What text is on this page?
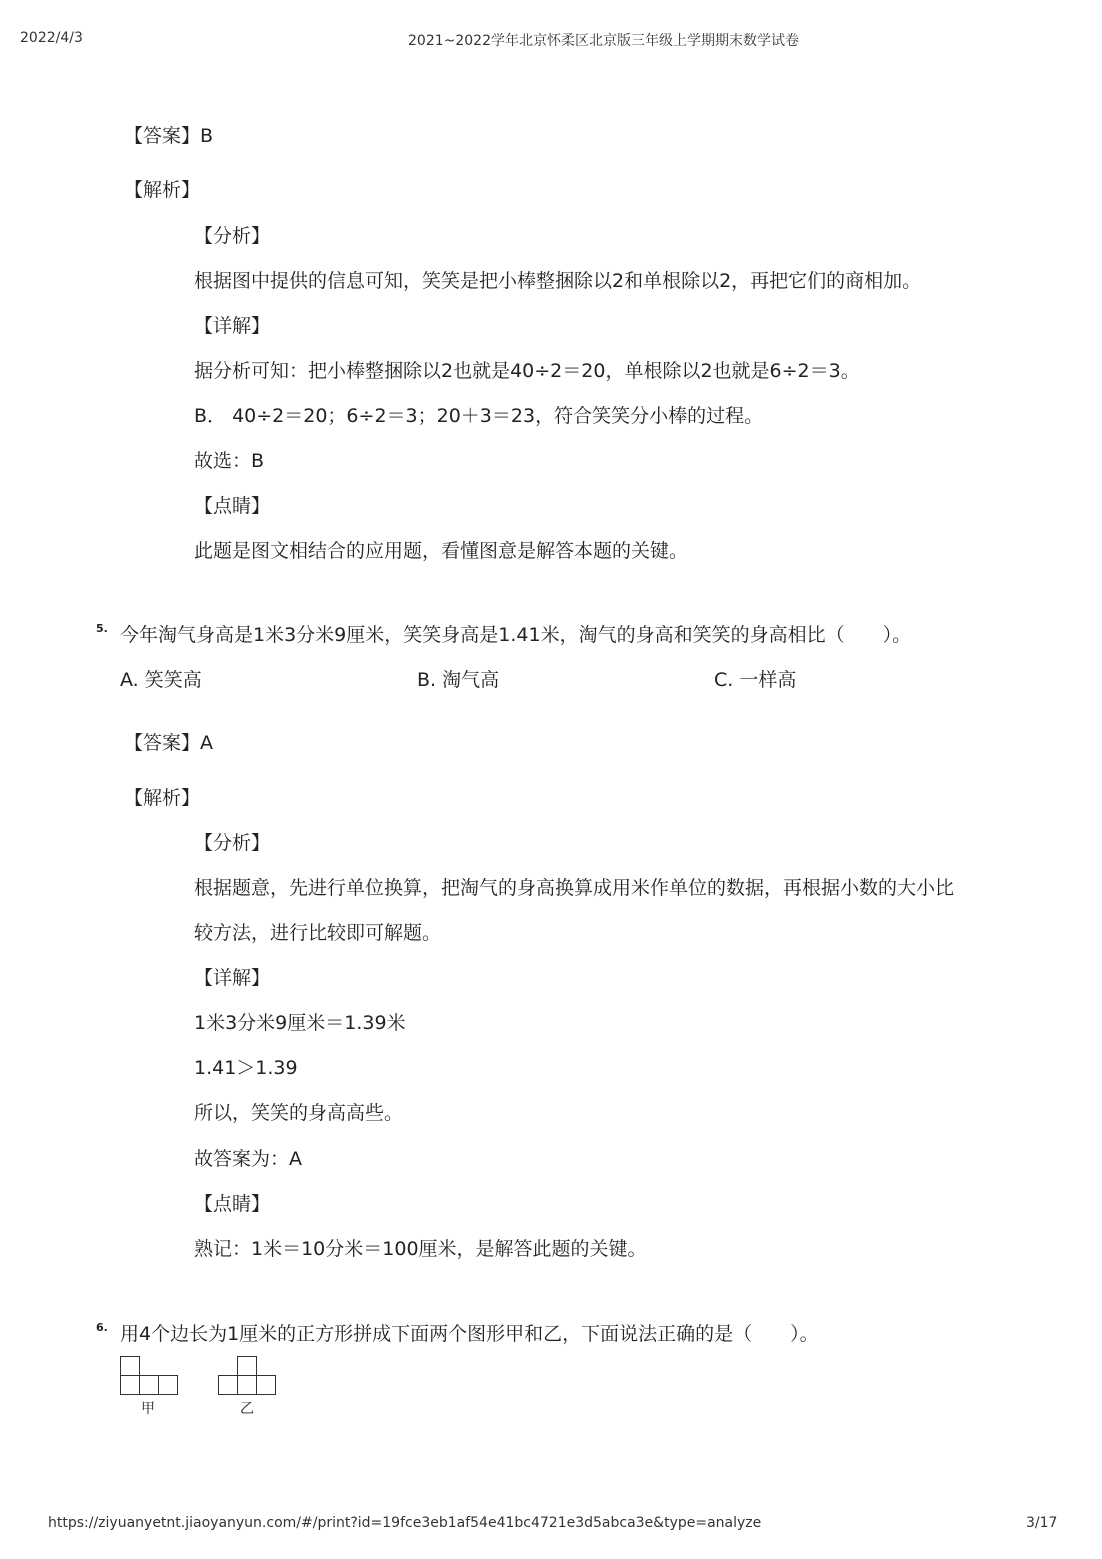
2022/4/3	2021~2022学年北京怀柔区北京版三年级上学期期末数学试卷
【答案】B
【解析】
【分析】
根据图中提供的信息可知，笑笑是把小棒整捆除以2和单根除以2，再把它们的商相加。
【详解】
据分析可知：把小棒整捆除以2也就是40÷2＝20，单根除以2也就是6÷2＝3。
B． 40÷2＝20；6÷2＝3；20＋3＝23，符合笑笑分小棒的过程。
故选：B
【点睛】
此题是图文相结合的应用题，看懂图意是解答本题的关键。
5. 今年淘气身高是1米3分米9厘米，笑笑身高是1.41米，淘气的身高和笑笑的身高相比（　　）。
A. 笑笑高	B. 淘气高	C. 一样高
【答案】A
【解析】
【分析】
根据题意，先进行单位换算，把淘气的身高换算成用米作单位的数据，再根据小数的大小比
较方法，进行比较即可解题。
【详解】
1米3分米9厘米＝1.39米
1.41＞1.39
所以，笑笑的身高高些。
故答案为：A
【点睛】
熟记：1米＝10分米＝100厘米，是解答此题的关键。
6. 用4个边长为1厘米的正方形拼成下面两个图形甲和乙，下面说法正确的是（　　）。
甲	乙
https://ziyuanyetnt.jiaoyanyun.com/#/print?id=19fce3eb1af54e41bc4721e3d5abca3e&type=analyze	3/17
